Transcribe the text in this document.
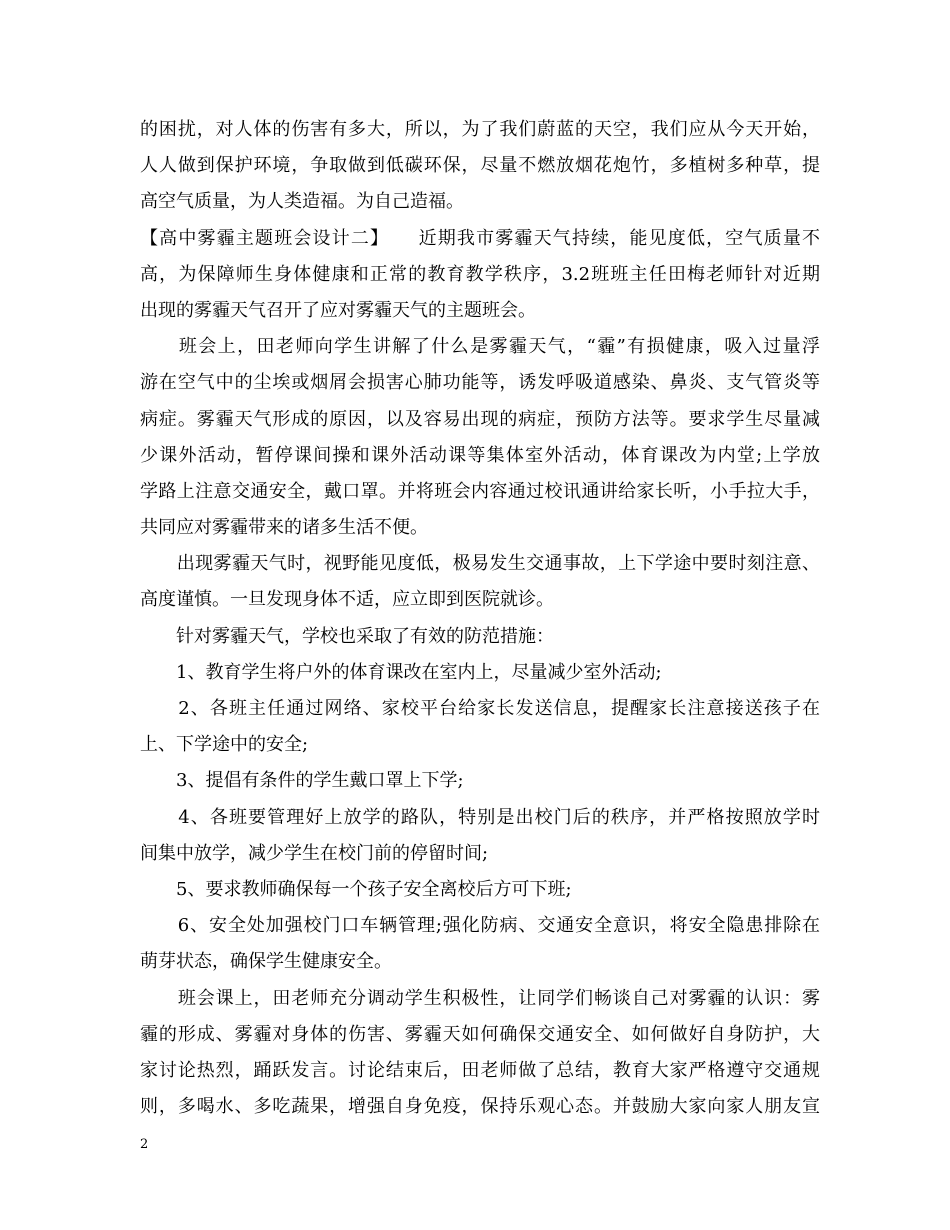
的困扰，对人体的伤害有多大，所以，为了我们蔚蓝的天空，我们应从今天开始，
人人做到保护环境，争取做到低碳环保，尽量不燃放烟花炮竹，多植树多种草，提
高空气质量，为人类造福。为自己造福。
【高中雾霾主题班会设计二】　　近期我市雾霾天气持续，能见度低，空气质量不
高，为保障师生身体健康和正常的教育教学秩序，3.2班班主任田梅老师针对近期
出现的雾霾天气召开了应对雾霾天气的主题班会。
　　班会上，田老师向学生讲解了什么是雾霾天气，“霾”有损健康，吸入过量浮
游在空气中的尘埃或烟屑会损害心肺功能等，诱发呼吸道感染、鼻炎、支气管炎等
病症。雾霾天气形成的原因，以及容易出现的病症，预防方法等。要求学生尽量减
少课外活动，暂停课间操和课外活动课等集体室外活动，体育课改为内堂;上学放
学路上注意交通安全，戴口罩。并将班会内容通过校讯通讲给家长听，小手拉大手，
共同应对雾霾带来的诸多生活不便。
　　出现雾霾天气时，视野能见度低，极易发生交通事故，上下学途中要时刻注意、
高度谨慎。一旦发现身体不适，应立即到医院就诊。
　　针对雾霾天气，学校也采取了有效的防范措施：
　　1、教育学生将户外的体育课改在室内上，尽量减少室外活动;
　　2、各班主任通过网络、家校平台给家长发送信息，提醒家长注意接送孩子在
上、下学途中的安全;
　　3、提倡有条件的学生戴口罩上下学;
　　4、各班要管理好上放学的路队，特别是出校门后的秩序，并严格按照放学时
间集中放学，减少学生在校门前的停留时间;
　　5、要求教师确保每一个孩子安全离校后方可下班;
　　6、安全处加强校门口车辆管理;强化防病、交通安全意识，将安全隐患排除在
萌芽状态，确保学生健康安全。
　　班会课上，田老师充分调动学生积极性，让同学们畅谈自己对雾霾的认识：雾
霾的形成、雾霾对身体的伤害、雾霾天如何确保交通安全、如何做好自身防护，大
家讨论热烈，踊跃发言。讨论结束后，田老师做了总结，教育大家严格遵守交通规
则，多喝水、多吃蔬果，增强自身免疫，保持乐观心态。并鼓励大家向家人朋友宣
2
